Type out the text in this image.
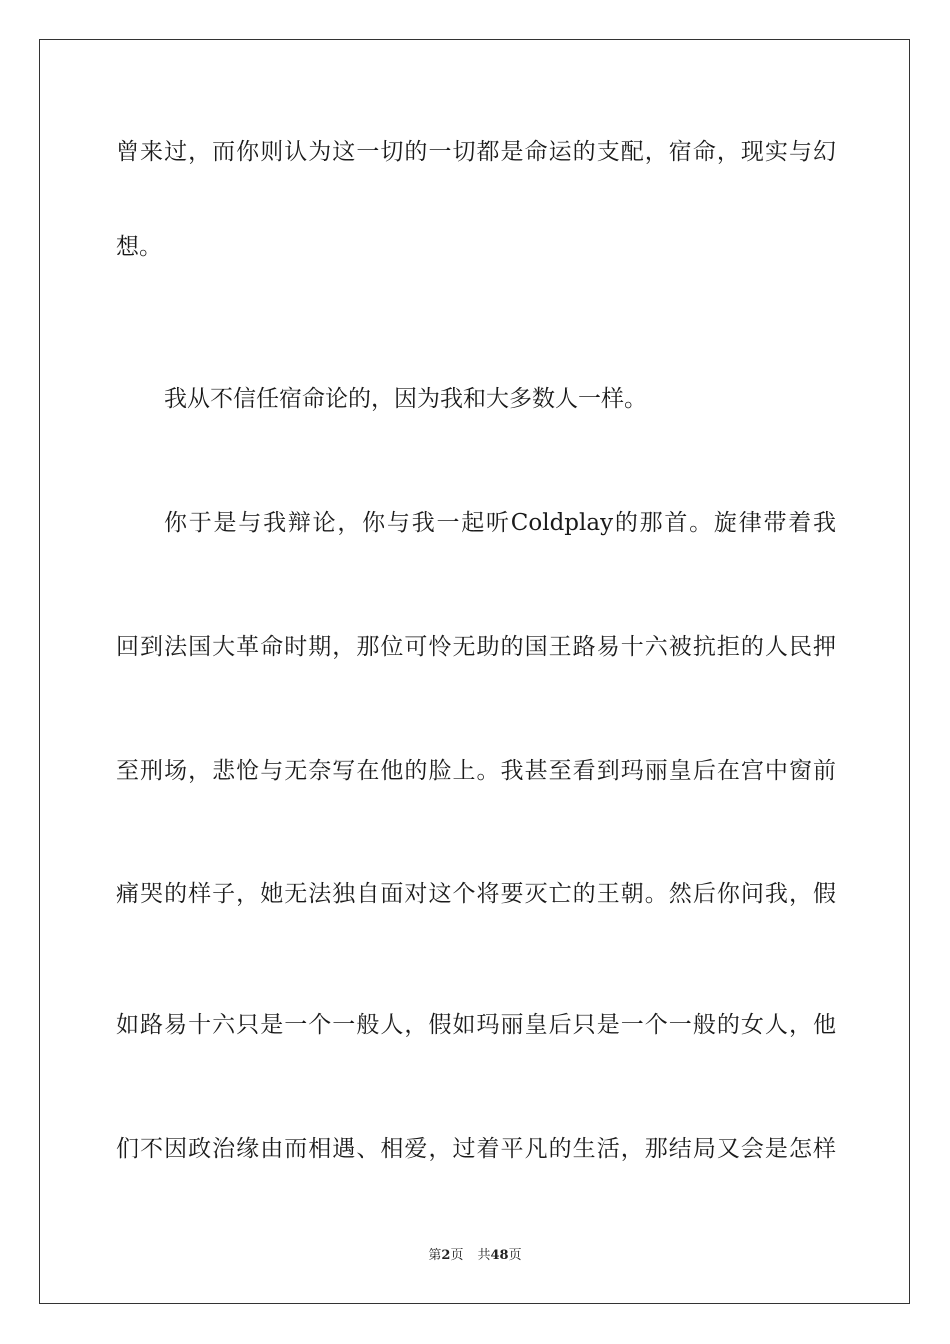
曾来过，而你则认为这一切的一切都是命运的支配，宿命，现实与幻
想。
我从不信任宿命论的，因为我和大多数人一样。
你于是与我辩论，你与我一起听Coldplay的那首。旋律带着我
回到法国大革命时期，那位可怜无助的国王路易十六被抗拒的人民押
至刑场，悲怆与无奈写在他的脸上。我甚至看到玛丽皇后在宫中窗前
痛哭的样子，她无法独自面对这个将要灭亡的王朝。然后你问我，假
如路易十六只是一个一般人，假如玛丽皇后只是一个一般的女人，他
们不因政治缘由而相遇、相爱，过着平凡的生活，那结局又会是怎样
第2页 共48页
